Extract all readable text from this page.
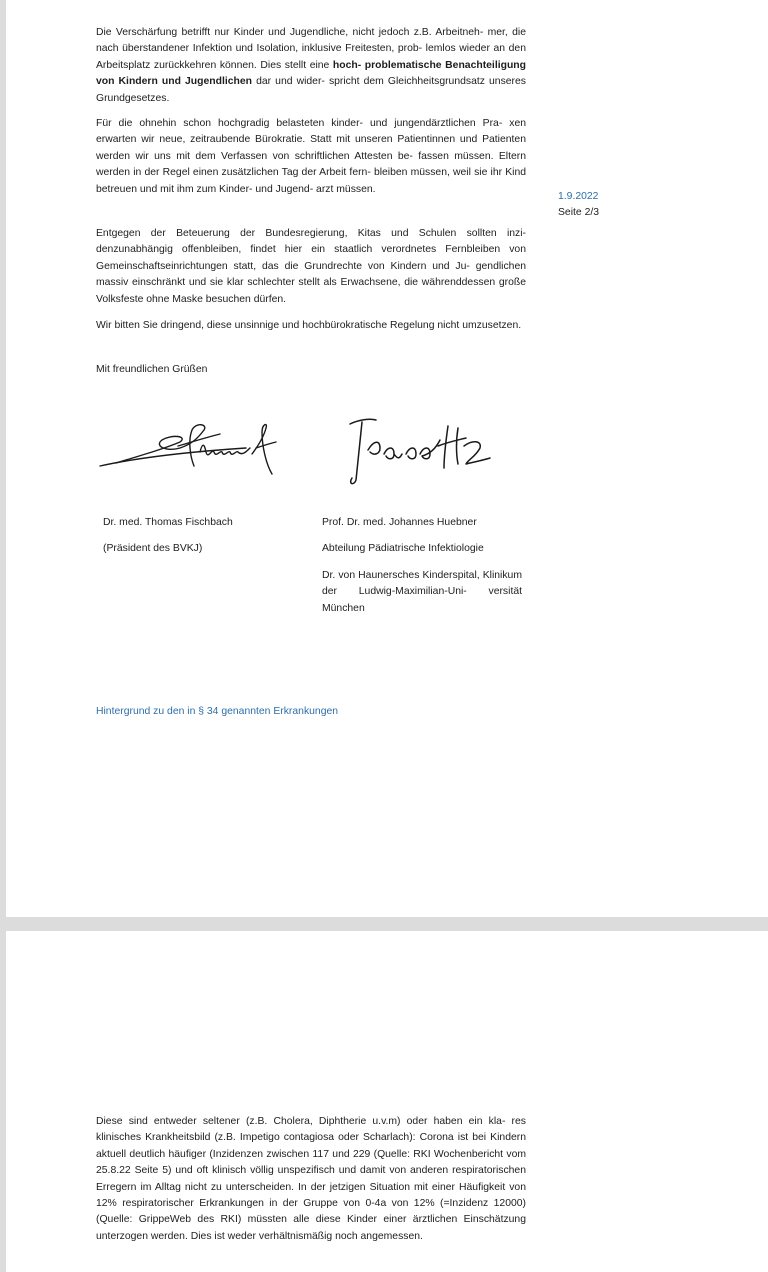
Die Verschärfung betrifft nur Kinder und Jugendliche, nicht jedoch z.B. Arbeitneh- mer, die nach überstandener Infektion und Isolation, inklusive Freitesten, prob- lemlos wieder an den Arbeitsplatz zurückkehren können. Dies stellt eine hoch- problematische Benachteiligung von Kindern und Jugendlichen dar und wider- spricht dem Gleichheitsgrundsatz unseres Grundgesetzes.

Für die ohnehin schon hochgradig belasteten kinder- und jungendärztlichen Pra- xen erwarten wir neue, zeitraubende Bürokratie. Statt mit unseren Patientinnen und Patienten werden wir uns mit dem Verfassen von schriftlichen Attesten be- fassen müssen. Eltern werden in der Regel einen zusätzlichen Tag der Arbeit fern- bleiben müssen, weil sie ihr Kind betreuen und mit ihm zum Kinder- und Jugend- arzt müssen.

Entgegen der Beteuerung der Bundesregierung, Kitas und Schulen sollten inzi- denzunabhängig offenbleiben, findet hier ein staatlich verordnetes Fernbleiben von Gemeinschaftseinrichtungen statt, das die Grundrechte von Kindern und Ju- gendlichen massiv einschränkt und sie klar schlechter stellt als Erwachsene, die währenddessen große Volksfeste ohne Maske besuchen dürfen.

Wir bitten Sie dringend, diese unsinnige und hochbürokratische Regelung nicht umzusetzen.

Mit freundlichen Grüßen

1.9.2022
Seite 2/3
Dr. med. Thomas Fischbach
(Präsident des BVKJ)
Prof. Dr. med. Johannes Huebner
Abteilung Pädiatrische Infektiologie
Dr. von Haunersches Kinderspital, Klinikum der Ludwig-Maximilian-Uni- versität München
Hintergrund zu den in § 34 genannten Erkrankungen

Diese sind entweder seltener (z.B. Cholera, Diphtherie u.v.m) oder haben ein kla- res klinisches Krankheitsbild (z.B. Impetigo contagiosa oder Scharlach): Corona ist bei Kindern aktuell deutlich häufiger (Inzidenzen zwischen 117 und 229 (Quelle: RKI Wochenbericht vom 25.8.22 Seite 5) und oft klinisch völlig unspezifisch und damit von anderen respiratorischen Erregern im Alltag nicht zu unterscheiden. In der jetzigen Situation mit einer Häufigkeit von 12% respiratorischer Erkrankungen in der Gruppe von 0-4a von 12% (=Inzidenz 12000) (Quelle: GrippeWeb des RKI) müssten alle diese Kinder einer ärztlichen Einschätzung unterzogen werden. Dies ist weder verhältnismäßig noch angemessen.
